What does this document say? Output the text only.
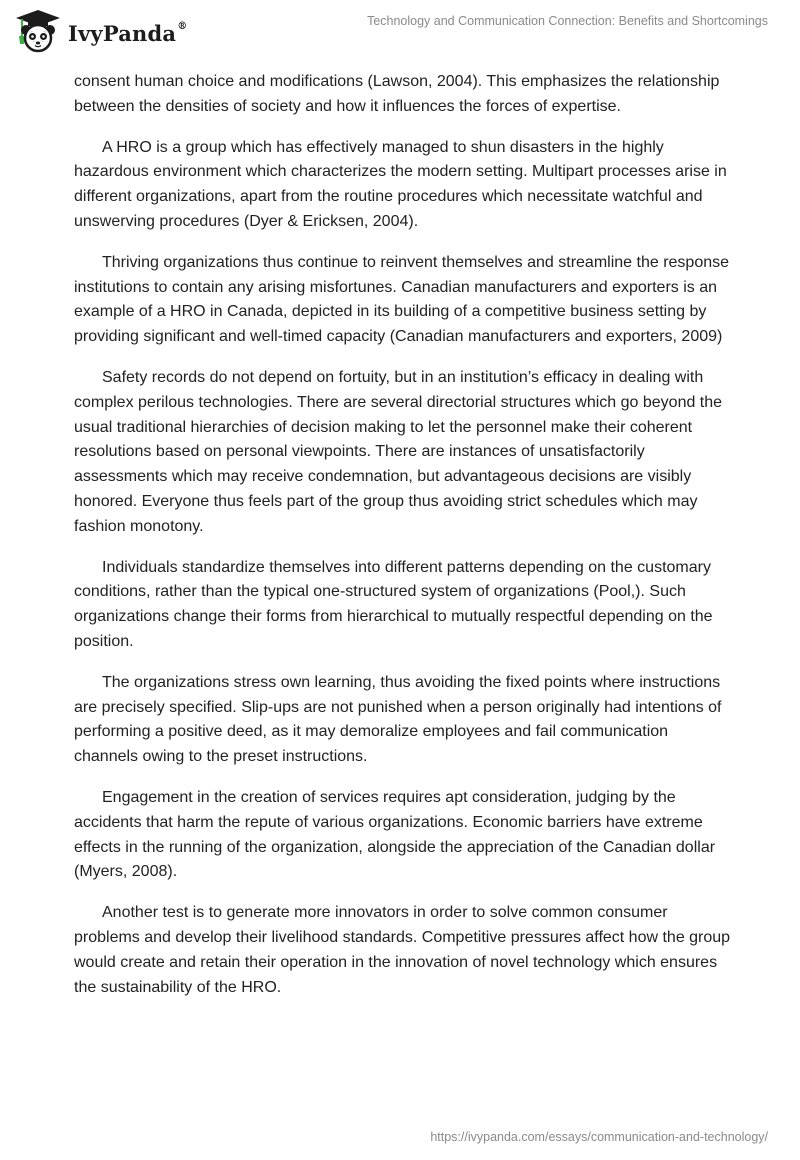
IvyPanda®	Technology and Communication Connection: Benefits and Shortcomings

consent human choice and modifications (Lawson, 2004). This emphasizes the relationship between the densities of society and how it influences the forces of expertise.

A HRO is a group which has effectively managed to shun disasters in the highly hazardous environment which characterizes the modern setting. Multipart processes arise in different organizations, apart from the routine procedures which necessitate watchful and unswerving procedures (Dyer & Ericksen, 2004).

Thriving organizations thus continue to reinvent themselves and streamline the response institutions to contain any arising misfortunes. Canadian manufacturers and exporters is an example of a HRO in Canada, depicted in its building of a competitive business setting by providing significant and well-timed capacity (Canadian manufacturers and exporters, 2009)

Safety records do not depend on fortuity, but in an institution’s efficacy in dealing with complex perilous technologies. There are several directorial structures which go beyond the usual traditional hierarchies of decision making to let the personnel make their coherent resolutions based on personal viewpoints. There are instances of unsatisfactorily assessments which may receive condemnation, but advantageous decisions are visibly honored. Everyone thus feels part of the group thus avoiding strict schedules which may fashion monotony.

Individuals standardize themselves into different patterns depending on the customary conditions, rather than the typical one-structured system of organizations (Pool,). Such organizations change their forms from hierarchical to mutually respectful depending on the position.

The organizations stress own learning, thus avoiding the fixed points where instructions are precisely specified. Slip-ups are not punished when a person originally had intentions of performing a positive deed, as it may demoralize employees and fail communication channels owing to the preset instructions.

Engagement in the creation of services requires apt consideration, judging by the accidents that harm the repute of various organizations. Economic barriers have extreme effects in the running of the organization, alongside the appreciation of the Canadian dollar (Myers, 2008).

Another test is to generate more innovators in order to solve common consumer problems and develop their livelihood standards. Competitive pressures affect how the group would create and retain their operation in the innovation of novel technology which ensures the sustainability of the HRO.

https://ivypanda.com/essays/communication-and-technology/
